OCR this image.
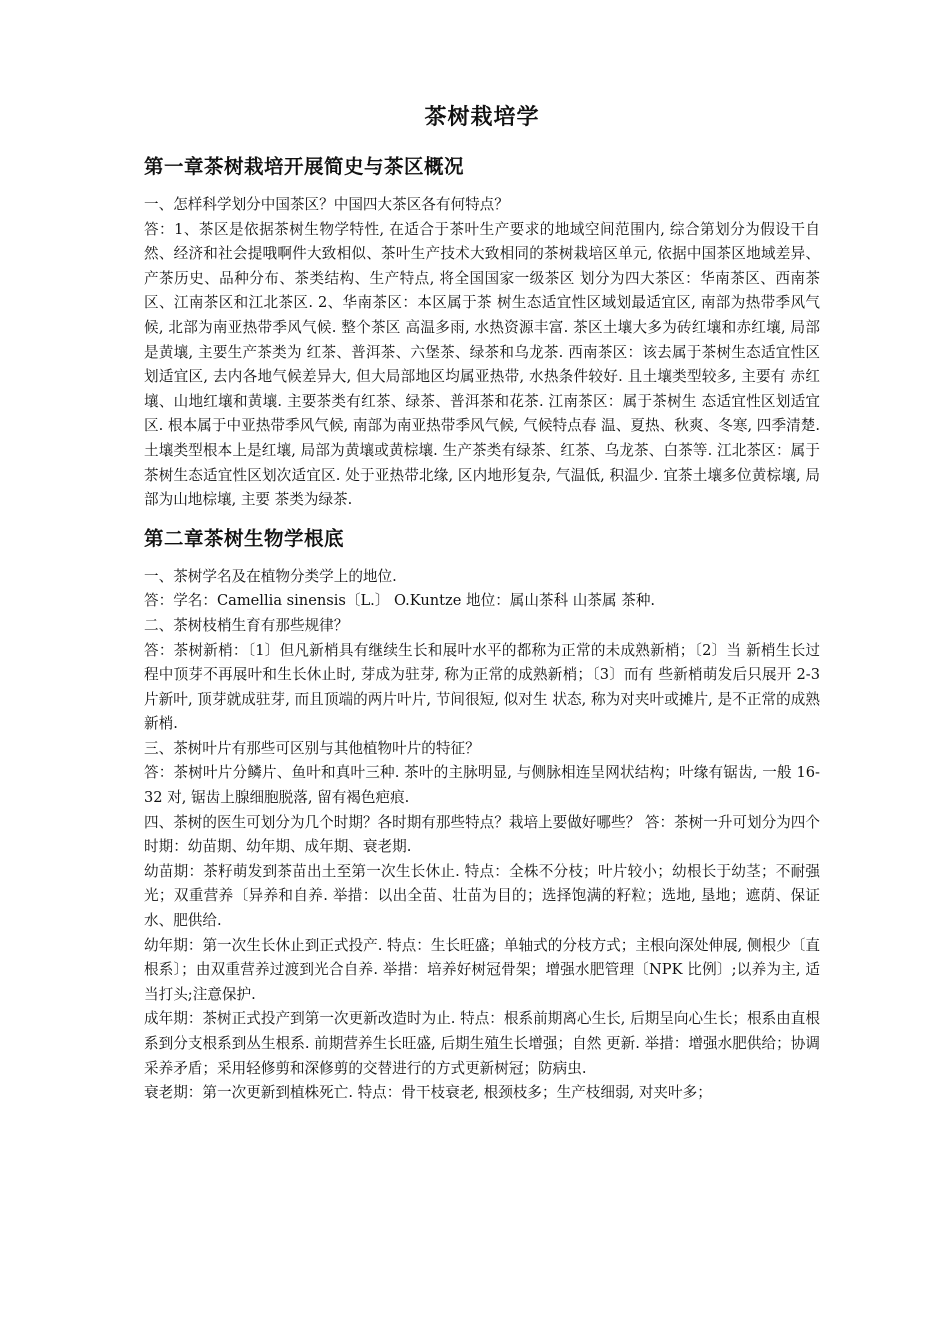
茶树栽培学
第一章茶树栽培开展简史与茶区概况

一、怎样科学划分中国茶区？中国四大茶区各有何特点？

答：1、茶区是依据茶树生物学特性, 在适合于茶叶生产要求的地域空间范围内, 综合第划分为假设干自然、经济和社会提哦啊件大致相似、茶叶生产技术大致相同的茶树栽培区单元, 依据中国茶区地域差异、产茶历史、品种分布、茶类结构、生产特点, 将全国国家一级茶区 划分为四大茶区：华南茶区、西南茶区、江南茶区和江北茶区. 2、华南茶区：本区属于茶 树生态适宜性区域划最适宜区, 南部为热带季风气候, 北部为南亚热带季风气候. 整个茶区 高温多雨, 水热资源丰富. 茶区土壤大多为砖红壤和赤红壤, 局部是黄壤, 主要生产茶类为 红茶、普洱茶、六堡茶、绿茶和乌龙茶. 西南茶区：该去属于茶树生态适宜性区划适宜区, 去内各地气候差异大, 但大局部地区均属亚热带, 水热条件较好. 且土壤类型较多, 主要有 赤红壤、山地红壤和黄壤. 主要茶类有红茶、绿茶、普洱茶和花茶. 江南茶区：属于茶树生 态适宜性区划适宜区. 根本属于中亚热带季风气候, 南部为南亚热带季风气候, 气候特点春 温、夏热、秋爽、冬寒, 四季清楚. 土壤类型根本上是红壤, 局部为黄壤或黄棕壤. 生产茶类有绿茶、红茶、乌龙茶、白茶等. 江北茶区：属于茶树生态适宜性区划次适宜区. 处于亚热带北缘, 区内地形复杂, 气温低, 积温少. 宜茶土壤多位黄棕壤, 局部为山地棕壤, 主要 茶类为绿茶.

第二章茶树生物学根底

一、茶树学名及在植物分类学上的地位.

答：学名：Camellia sinensis〔L.〕 O.Kuntze 地位：属山茶科 山茶属 茶种.

二、茶树枝梢生育有那些规律？

答：茶树新梢：〔1〕但凡新梢具有继续生长和展叶水平的都称为正常的未成熟新梢；〔2〕当 新梢生长过程中顶芽不再展叶和生长休止时, 芽成为驻芽, 称为正常的成熟新梢；〔3〕而有 些新梢萌发后只展开 2-3 片新叶, 顶芽就成驻芽, 而且顶端的两片叶片, 节间很短, 似对生 状态, 称为对夹叶或摊片, 是不正常的成熟新梢.

三、茶树叶片有那些可区别与其他植物叶片的特征？

答：茶树叶片分鳞片、鱼叶和真叶三种. 茶叶的主脉明显, 与侧脉相连呈网状结构；叶缘有锯齿, 一般 16-32 对, 锯齿上腺细胞脱落, 留有褐色疤痕.

四、茶树的医生可划分为几个时期？各时期有那些特点？栽培上要做好哪些？ 答：茶树一升可划分为四个时期：幼苗期、幼年期、成年期、衰老期.

幼苗期：茶籽萌发到茶苗出土至第一次生长休止. 特点：全株不分枝；叶片较小；幼根长于幼茎；不耐强光；双重营养〔异养和自养. 举措：以出全苗、壮苗为目的；选择饱满的籽粒；选地, 垦地；遮荫、保证水、肥供给.

幼年期：第一次生长休止到正式投产. 特点：生长旺盛；单轴式的分枝方式；主根向深处伸展, 侧根少〔直根系〕；由双重营养过渡到光合自养. 举措：培养好树冠骨架；增强水肥管理〔NPK 比例〕;以养为主, 适当打头;注意保护.

成年期：茶树正式投产到第一次更新改造时为止. 特点：根系前期离心生长, 后期呈向心生长；根系由直根系到分支根系到丛生根系. 前期营养生长旺盛, 后期生殖生长增强；自然 更新. 举措：增强水肥供给；协调采养矛盾；采用轻修剪和深修剪的交替进行的方式更新树冠；防病虫.

衰老期：第一次更新到植株死亡. 特点：骨干枝衰老, 根颈枝多；生产枝细弱, 对夹叶多；
